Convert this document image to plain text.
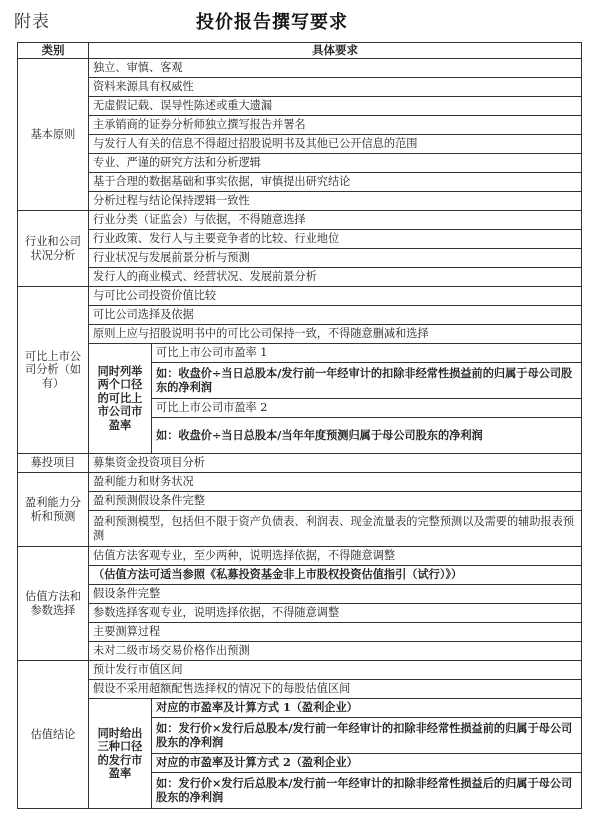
附表	投价报告撰写要求
类别	具体要求	
基本原则	独立、审慎、客观	
	资料来源具有权威性	
	无虚假记载、误导性陈述或重大遗漏	
	主承销商的证券分析师独立撰写报告并署名	
	与发行人有关的信息不得超过招股说明书及其他已公开信息的范围	
	专业、严谨的研究方法和分析逻辑	
	基于合理的数据基础和事实依据，审慎提出研究结论	
	分析过程与结论保持逻辑一致性	
行业和公司状况分析	行业分类（证监会）与依据，不得随意选择	
	行业政策、发行人与主要竞争者的比较、行业地位	
	行业状况与发展前景分析与预测	
	发行人的商业模式、经营状况、发展前景分析	
可比上市公司分析（如有）	与可比公司投资价值比较	
	可比公司选择及依据	
	原则上应与招股说明书中的可比公司保持一致，不得随意删减和选择	
	同时列举两个口径的可比上市公司市盈率	可比上市公司市盈率 1
		如：收盘价÷当日总股本/发行前一年经审计的扣除非经常性损益前的归属于母公司股东的净利润
		可比上市公司市盈率 2
		如：收盘价÷当日总股本/当年年度预测归属于母公司股东的净利润
募投项目	募集资金投资项目分析	
盈利能力分析和预测	盈利能力和财务状况	
	盈利预测假设条件完整	
	盈利预测模型，包括但不限于资产负债表、利润表、现金流量表的完整预测以及需要的辅助报表预测	
估值方法和参数选择	估值方法客观专业，至少两种，说明选择依据，不得随意调整	
	（估值方法可适当参照《私募投资基金非上市股权投资估值指引（试行）》）	
	假设条件完整	
	参数选择客观专业，说明选择依据，不得随意调整	
	主要测算过程	
	未对二级市场交易价格作出预测	
估值结论	预计发行市值区间	
	假设不采用超额配售选择权的情况下的每股估值区间	
	同时给出三种口径的发行市盈率	对应的市盈率及计算方式 1（盈利企业）
		如：发行价×发行后总股本/发行前一年经审计的扣除非经常性损益前的归属于母公司股东的净利润
		对应的市盈率及计算方式 2（盈利企业）
		如：发行价×发行后总股本/发行前一年经审计的扣除非经常性损益后的归属于母公司股东的净利润
